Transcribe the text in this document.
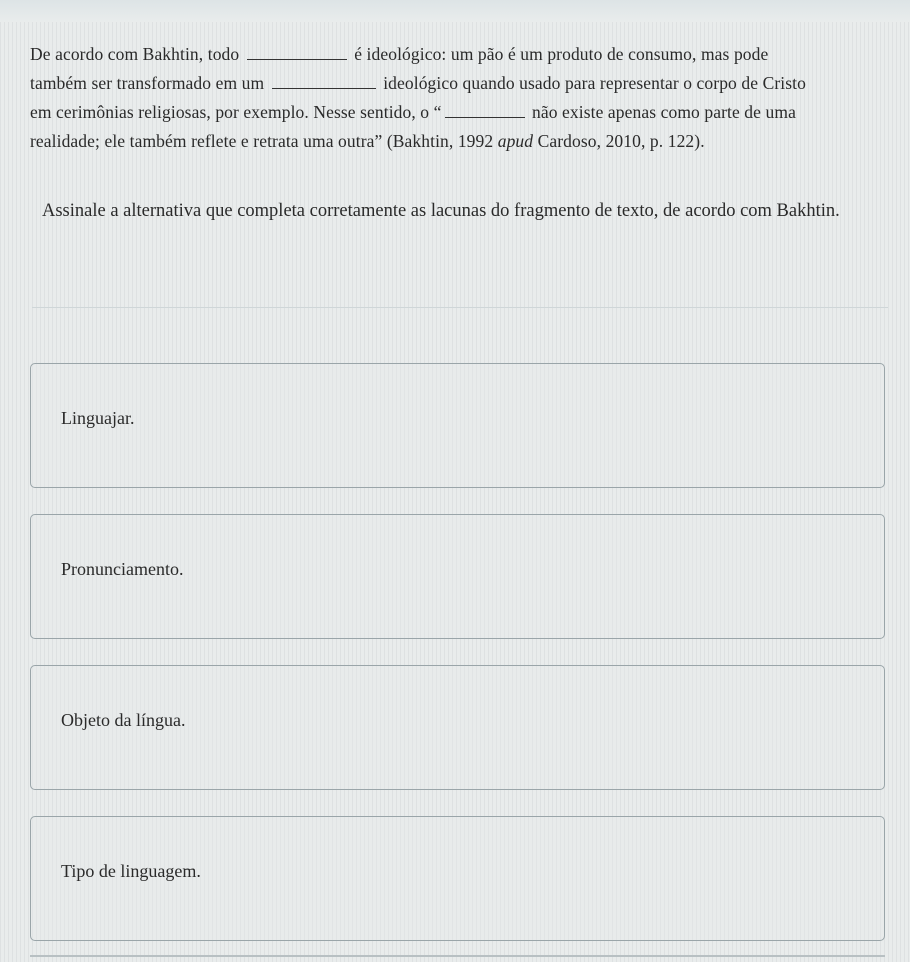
De acordo com Bakhtin, todo	é ideológico: um pão é um produto de consumo, mas pode
também ser transformado em um	ideológico quando usado para representar o corpo de Cristo
em cerimônias religiosas, por exemplo. Nesse sentido, o “	não existe apenas como parte de uma
realidade; ele também reflete e retrata uma outra” (Bakhtin, 1992 apud Cardoso, 2010, p. 122).
Assinale a alternativa que completa corretamente as lacunas do fragmento de texto, de acordo com Bakhtin.
Linguajar.
Pronunciamento.
Objeto da língua.
Tipo de linguagem.
